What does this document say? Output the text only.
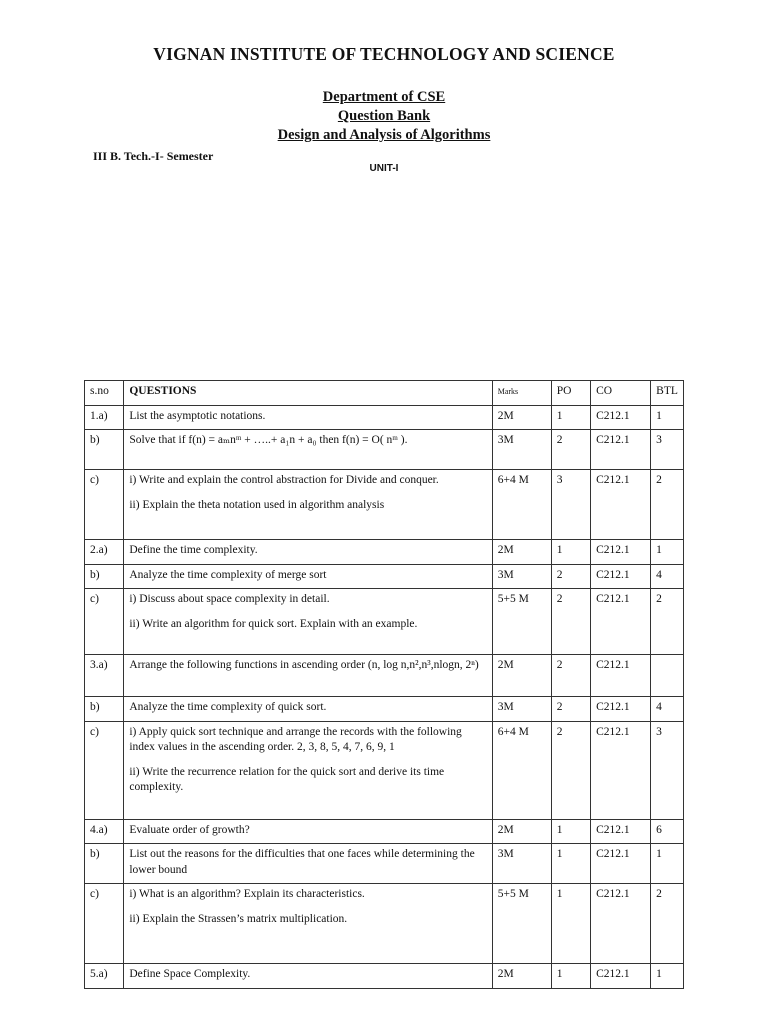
VIGNAN INSTITUTE OF TECHNOLOGY AND SCIENCE
Department of CSE
Question Bank
Design and Analysis of Algorithms
III B. Tech.-I- Semester
UNIT-I
s.no	QUESTIONS	Marks	PO	CO	BTL
1.a)	List the asymptotic notations.	2M	1	C212.1	1
b)	Solve that if f(n) = aₘnᵐ + …..+ a₁n + a₀ then f(n) = O( nᵐ ).	3M	2	C212.1	3
c)	i) Write and explain the control abstraction for Divide and conquer.
ii) Explain the theta notation used in algorithm analysis	6+4 M	3	C212.1	2
2.a)	Define the time complexity.	2M	1	C212.1	1
b)	Analyze the time complexity of merge sort	3M	2	C212.1	4
c)	i) Discuss about space complexity in detail.
ii) Write an algorithm for quick sort. Explain with an example.	5+5 M	2	C212.1	2
3.a)	Arrange the following functions in ascending order (n, log n,n²,n³,nlogn, 2ⁿ)	2M	2	C212.1	
b)	Analyze the time complexity of quick sort.	3M	2	C212.1	4
c)	i) Apply quick sort technique and arrange the records with the following index values in the ascending order. 2, 3, 8, 5, 4, 7, 6, 9, 1
ii) Write the recurrence relation for the quick sort and derive its time complexity.	6+4 M	2	C212.1	3
4.a)	Evaluate order of growth?	2M	1	C212.1	6
b)	List out the reasons for the difficulties that one faces while determining the lower bound	3M	1	C212.1	1
c)	i) What is an algorithm? Explain its characteristics.
ii) Explain the Strassen’s matrix multiplication.	5+5 M	1	C212.1	2
5.a)	Define Space Complexity.	2M	1	C212.1	1
